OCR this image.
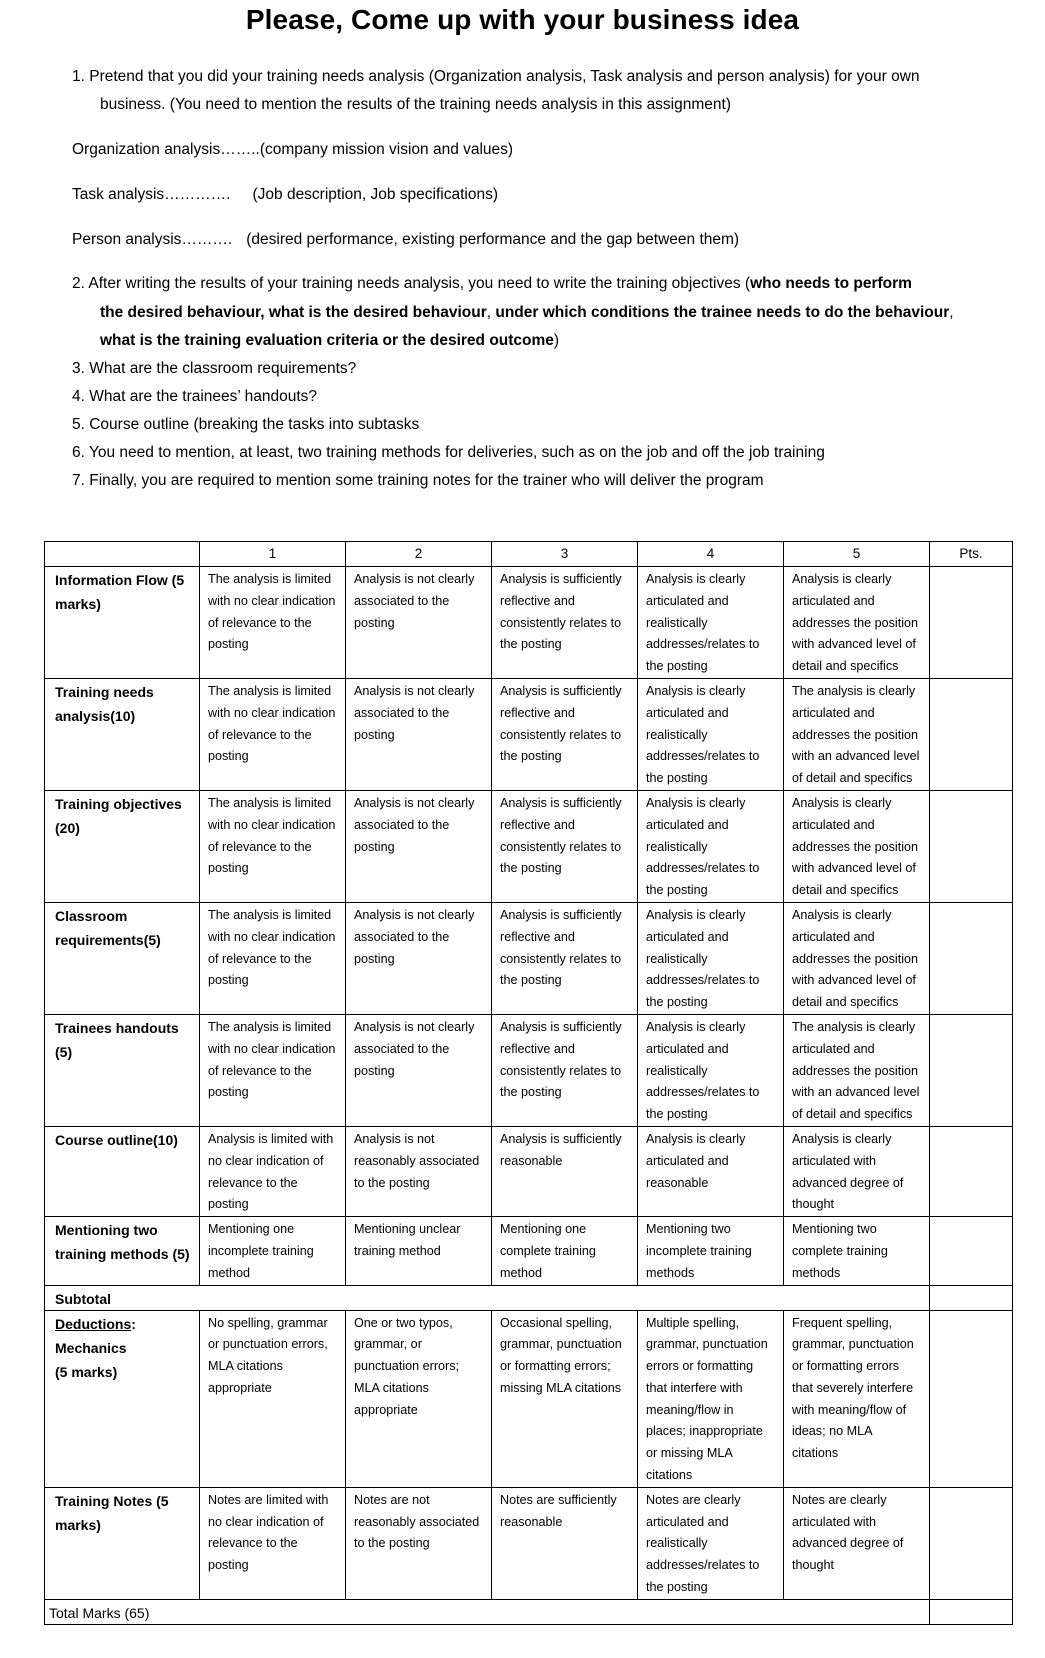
Please, Come up with your business idea
1. Pretend that you did your training needs analysis (Organization analysis, Task analysis and person analysis) for your own
business. (You need to mention the results of the training needs analysis in this assignment)
Organization analysis……..(company mission vision and values)
Task analysis…………. (Job description, Job specifications)
Person analysis………. (desired performance, existing performance and the gap between them)
2. After writing the results of your training needs analysis, you need to write the training objectives (who needs to perform
the desired behaviour, what is the desired behaviour, under which conditions the trainee needs to do the behaviour,
what is the training evaluation criteria or the desired outcome)
3. What are the classroom requirements?
4. What are the trainees’ handouts?
5. Course outline (breaking the tasks into subtasks
6. You need to mention, at least, two training methods for deliveries, such as on the job and off the job training
7. Finally, you are required to mention some training notes for the trainer who will deliver the program
	1	2	3	4	5	Pts.
Information Flow (5 marks)	The analysis is limited with no clear indication of relevance to the posting	Analysis is not clearly associated to the posting	Analysis is sufficiently reflective and consistently relates to the posting	Analysis is clearly articulated and realistically addresses/relates to the posting	Analysis is clearly articulated and addresses the position with advanced level of detail and specifics	
Training needs analysis(10)	The analysis is limited with no clear indication of relevance to the posting	Analysis is not clearly associated to the posting	Analysis is sufficiently reflective and consistently relates to the posting	Analysis is clearly articulated and realistically addresses/relates to the posting	The analysis is clearly articulated and addresses the position with an advanced level of detail and specifics	
Training objectives (20)	The analysis is limited with no clear indication of relevance to the posting	Analysis is not clearly associated to the posting	Analysis is sufficiently reflective and consistently relates to the posting	Analysis is clearly articulated and realistically addresses/relates to the posting	Analysis is clearly articulated and addresses the position with advanced level of detail and specifics	
Classroom requirements(5)	The analysis is limited with no clear indication of relevance to the posting	Analysis is not clearly associated to the posting	Analysis is sufficiently reflective and consistently relates to the posting	Analysis is clearly articulated and realistically addresses/relates to the posting	Analysis is clearly articulated and addresses the position with advanced level of detail and specifics	
Trainees handouts (5)	The analysis is limited with no clear indication of relevance to the posting	Analysis is not clearly associated to the posting	Analysis is sufficiently reflective and consistently relates to the posting	Analysis is clearly articulated and realistically addresses/relates to the posting	The analysis is clearly articulated and addresses the position with an advanced level of detail and specifics	
Course outline(10)	Analysis is limited with no clear indication of relevance to the posting	Analysis is not reasonably associated to the posting	Analysis is sufficiently reasonable	Analysis is clearly articulated and reasonable	Analysis is clearly articulated with advanced degree of thought	
Mentioning two training methods (5)	Mentioning one incomplete training method	Mentioning unclear training method	Mentioning one complete training method	Mentioning two incomplete training methods	Mentioning two complete training methods	
Subtotal						
Deductions:
Mechanics
(5 marks)	No spelling, grammar or punctuation errors, MLA citations appropriate	One or two typos, grammar, or punctuation errors; MLA citations appropriate	Occasional spelling, grammar, punctuation or formatting errors; missing MLA citations	Multiple spelling, grammar, punctuation errors or formatting that interfere with meaning/flow in places; inappropriate or missing MLA citations	Frequent spelling, grammar, punctuation or formatting errors that severely interfere with meaning/flow of ideas; no MLA citations	
Training Notes (5 marks)	Notes are limited with no clear indication of relevance to the posting	Notes are not reasonably associated to the posting	Notes are sufficiently reasonable	Notes are clearly articulated and realistically addresses/relates to the posting	Notes are clearly articulated with advanced degree of thought	
Total Marks (65)						
